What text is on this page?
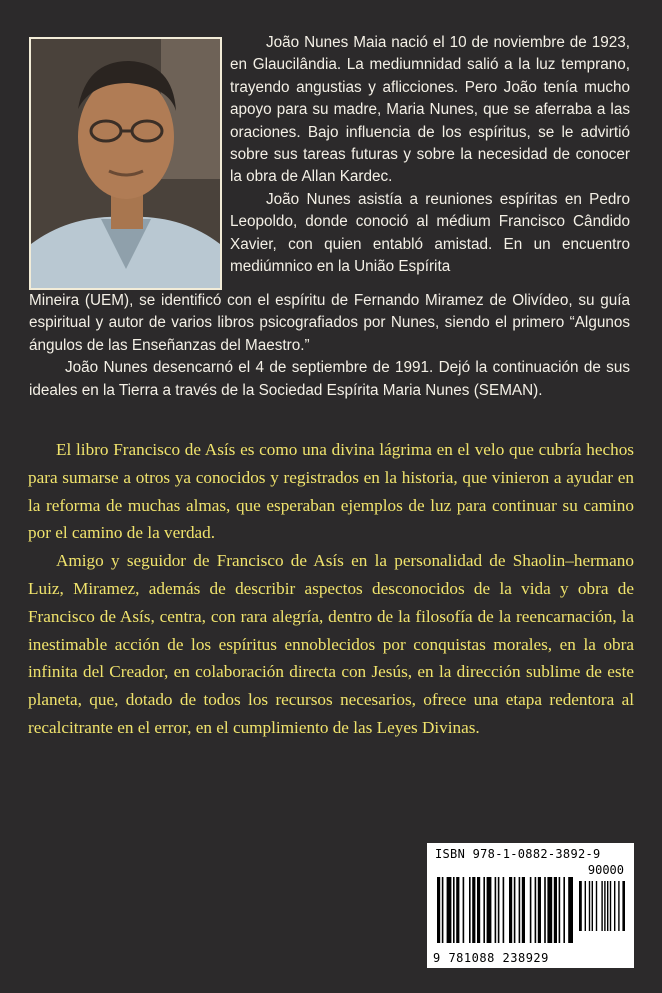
João Nunes Maia nació el 10 de noviembre de 1923, en Glaucilândia. La mediumnidad salió a la luz temprano, trayendo angustias y aflicciones. Pero João tenía mucho apoyo para su madre, Maria Nunes, que se aferraba a las oraciones. Bajo influencia de los espíritus, se le advirtió sobre sus tareas futuras y sobre la necesidad de conocer la obra de Allan Kardec.

João Nunes asistía a reuniones espíritas en Pedro Leopoldo, donde conoció al médium Francisco Cândido Xavier, con quien entabló amistad. En un encuentro mediúmnico en la União Espírita

Mineira (UEM), se identificó con el espíritu de Fernando Miramez de Olivídeo, su guía espiritual y autor de varios libros psicografiados por Nunes, siendo el primero “Algunos ángulos de las Enseñanzas del Maestro.”

João Nunes desencarnó el 4 de septiembre de 1991. Dejó la continuación de sus ideales en la Tierra a través de la Sociedad Espírita Maria Nunes (SEMAN).

El libro Francisco de Asís es como una divina lágrima en el velo que cubría hechos para sumarse a otros ya conocidos y registrados en la historia, que vinieron a ayudar en la reforma de muchas almas, que esperaban ejemplos de luz para continuar su camino por el camino de la verdad.

Amigo y seguidor de Francisco de Asís en la personalidad de Shaolin–hermano Luiz, Miramez, además de describir aspectos desconocidos de la vida y obra de Francisco de Asís, centra, con rara alegría, dentro de la filosofía de la reencarnación, la inestimable acción de los espíritus ennoblecidos por conquistas morales, en la obra infinita del Creador, en colaboración directa con Jesús, en la dirección sublime de este planeta, que, dotado de todos los recursos necesarios, ofrece una etapa redentora al recalcitrante en el error, en el cumplimiento de las Leyes Divinas.

ISBN 978-1-0882-3892-9
90000
9 781088 238929
